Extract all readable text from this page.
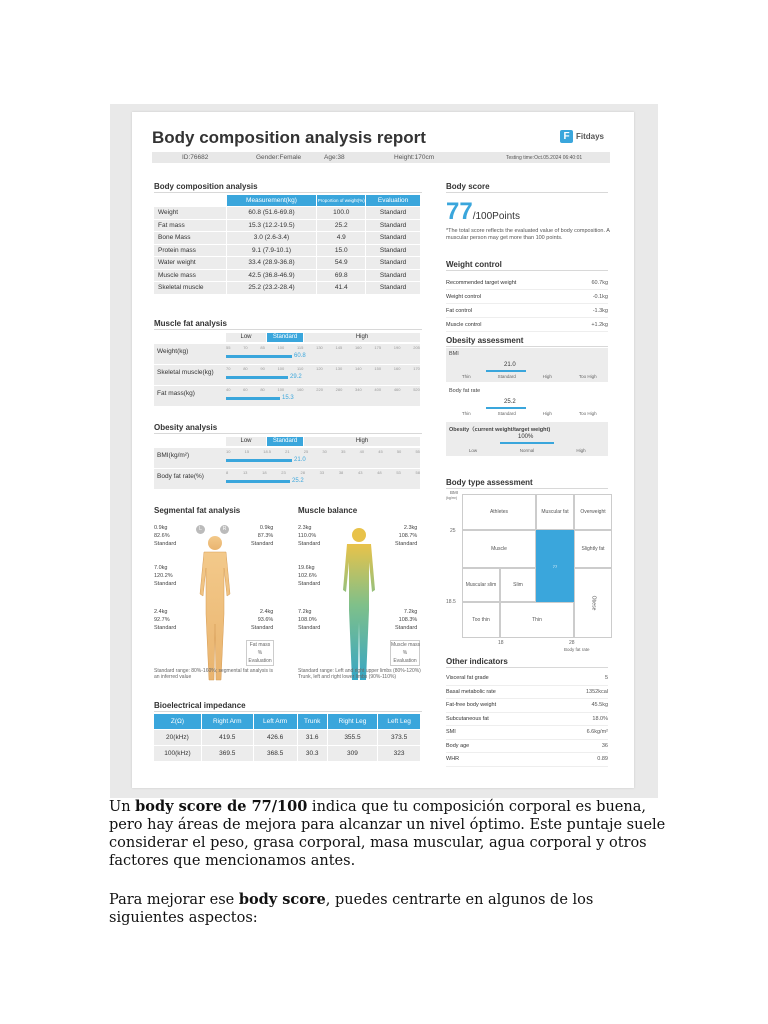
Body composition analysis report	F Fitdays
ID:76682	Gender:Female	Age:38	Height:170cm	Testing time:Oct.05.2024 06:40:01
Body composition analysis
	Measurement(kg)	Proportion of weight(%)	Evaluation
Weight	60.8 (51.6-69.8)	100.0	Standard
Fat mass	15.3 (12.2-19.5)	25.2	Standard
Bone Mass	3.0 (2.6-3.4)	4.9	Standard
Protein mass	9.1 (7.9-10.1)	15.0	Standard
Water weight	33.4 (28.9-36.8)	54.9	Standard
Muscle mass	42.5 (36.8-46.9)	69.8	Standard
Skeletal muscle	25.2 (23.2-28.4)	41.4	Standard
Muscle fat analysis
Low	Standard	High
Weight(kg)
55	70	85	100	115	130	145	160	175	190	205
60.8
Skeletal muscle(kg)
70	80	90	100	110	120	130	140	150	160	170
29.2
Fat mass(kg)
40	60	80	100	160	220	280	340	400	460	520
15.3
Obesity analysis
Low	Standard	High
BMI(kg/m²)
10	15	18.5	21	25	30	35	40	45	50	55
21.0
Body fat rate(%)
8	13	18	23	28	33	38	43	48	53	58
25.2
Segmental fat analysis
L	R
0.9kg
82.6%
Standard
0.9kg
87.3%
Standard
7.0kg
120.2%
Standard
2.4kg
92.7%
Standard
2.4kg
93.6%
Standard
Fat mass
%
Evaluation
Standard range: 80%-160%; segmental fat analysis is an inferred value
Muscle balance
2.3kg
110.0%
Standard
2.3kg
108.7%
Standard
19.6kg
102.6%
Standard
7.2kg
108.0%
Standard
7.2kg
108.3%
Standard
Muscle mass
%
Evaluation
Standard range: Left and right upper limbs (80%-120%) Trunk, left and right lower limbs (90%-110%)
Bioelectrical impedance
Z(Ω)	Right Arm	Left Arm	Trunk	Right Leg	Left Leg
20(kHz)	419.5	426.6	31.6	355.5	373.5
100(kHz)	369.5	368.5	30.3	309	323
Body score
77 /100Points
*The total score reflects the evaluated value of body composition. A muscular person may get more than 100 points.
Weight control
Recommended target weight	60.7kg
Weight control	-0.1kg
Fat control	-1.3kg
Muscle control	+1.2kg
Obesity assessment
BMI
21.0
Thin	Standard	High	Too High
Body fat rate
25.2
Thin	Standard	High	Too High
Obesity（current weight/target weight)
100%
Low	Normal	High
Body type assessment
BMI
(kg/m²)
25
18.5
Athletes	Muscular fat	Overweight
Muscle	Slightly fat
Muscular slim	Slim
77
Too thin	Thin
Obese
18	28
Body fat rate
Other indicators
Visceral fat grade	5
Basal metabolic rate	1352kcal
Fat-free body weight	45.5kg
Subcutaneous fat	18.0%
SMI	6.6kg/m²
Body age	36
WHR	0.89
Un body score de 77/100 indica que tu composición corporal es buena, pero hay áreas de mejora para alcanzar un nivel óptimo. Este puntaje suele considerar el peso, grasa corporal, masa muscular, agua corporal y otros factores que mencionamos antes.
Para mejorar ese body score, puedes centrarte en algunos de los siguientes aspectos:
